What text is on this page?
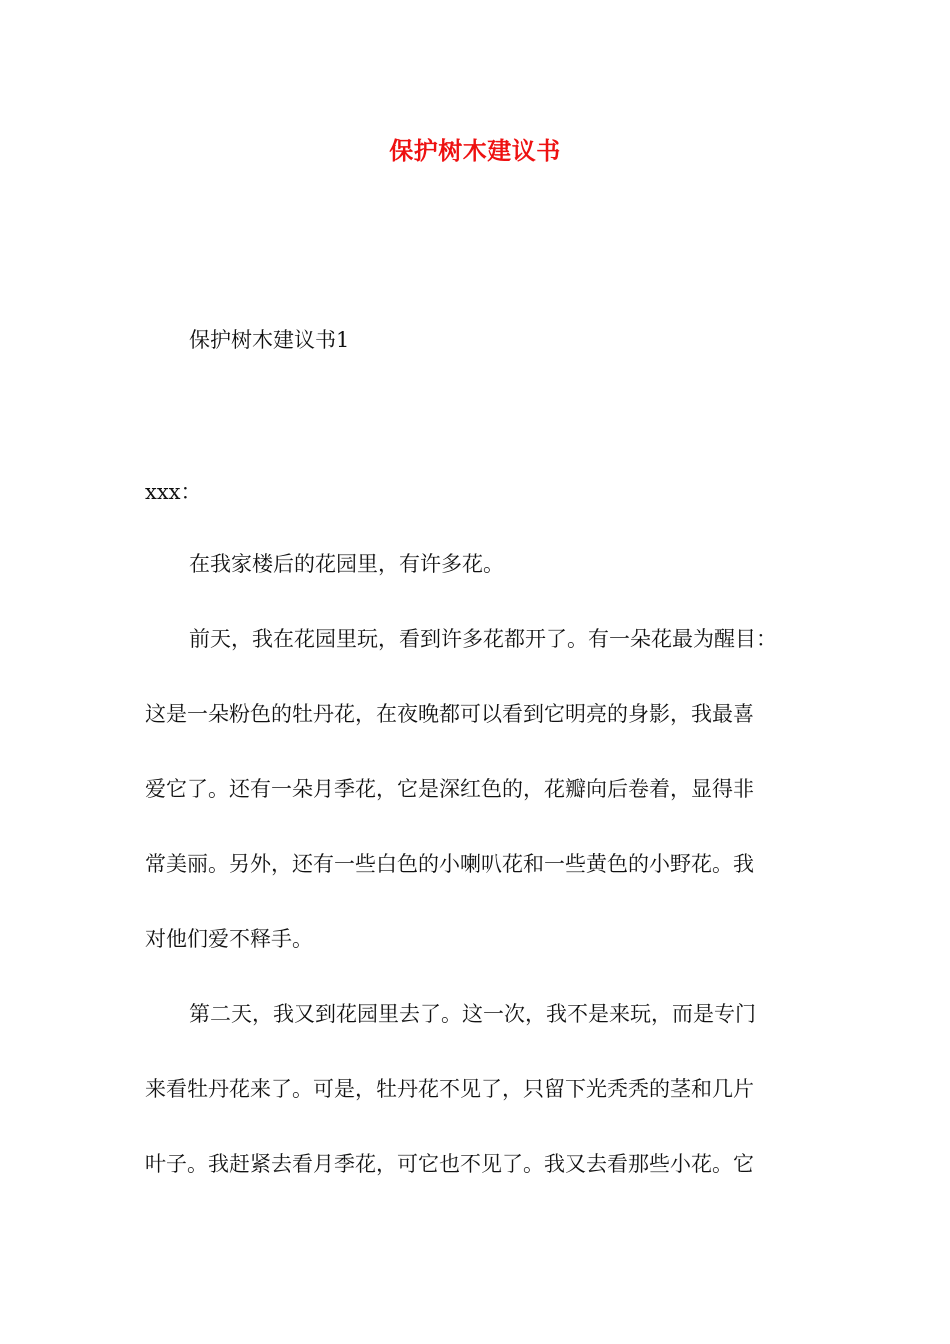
保护树木建议书
保护树木建议书1
xxx：
在我家楼后的花园里，有许多花。
前天，我在花园里玩，看到许多花都开了。有一朵花最为醒目：
这是一朵粉色的牡丹花，在夜晚都可以看到它明亮的身影，我最喜
爱它了。还有一朵月季花，它是深红色的，花瓣向后卷着，显得非
常美丽。另外，还有一些白色的小喇叭花和一些黄色的小野花。我
对他们爱不释手。
第二天，我又到花园里去了。这一次，我不是来玩，而是专门
来看牡丹花来了。可是，牡丹花不见了，只留下光秃秃的茎和几片
叶子。我赶紧去看月季花，可它也不见了。我又去看那些小花。它
